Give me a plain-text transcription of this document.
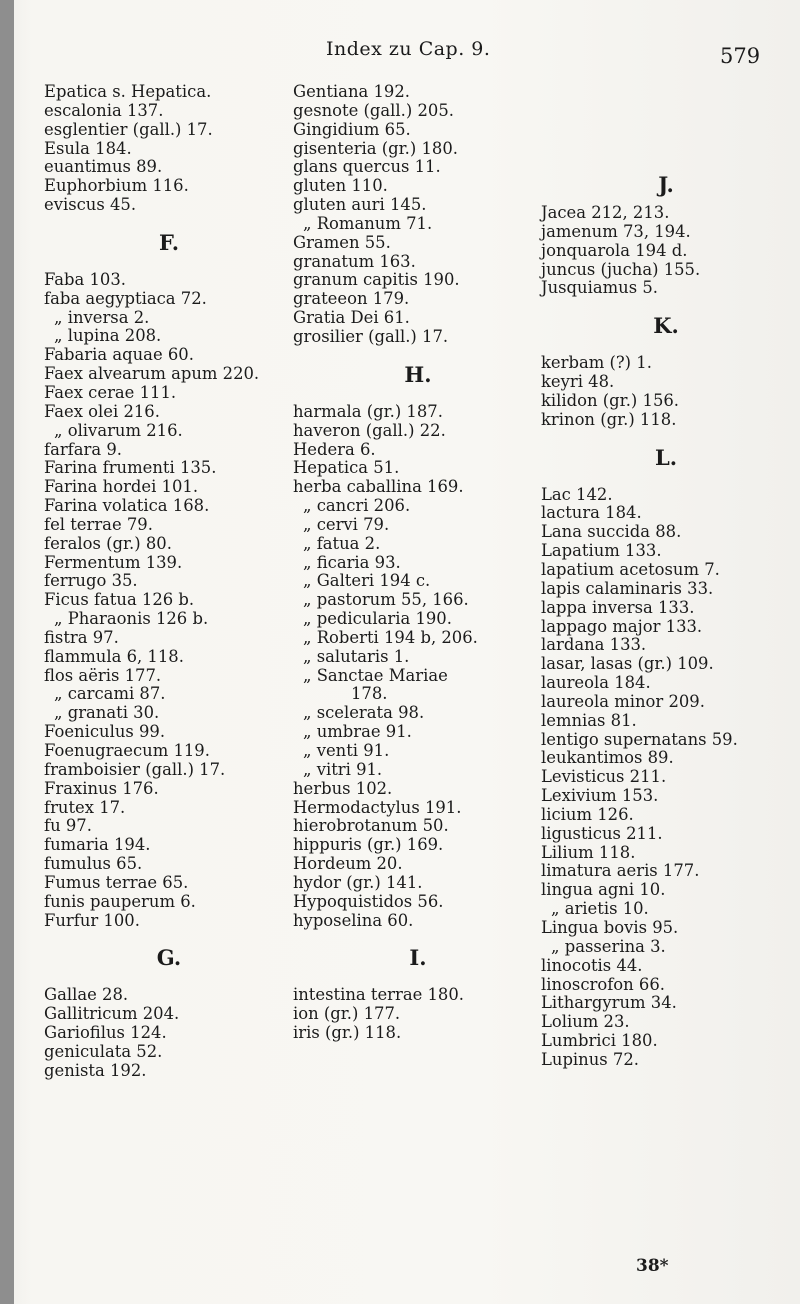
Index zu Cap. 9.	579
Epatica s. Hepatica.
escalonia 137.
esglentier (gall.) 17.
Esula 184.
euantimus 89.
Euphorbium 116.
eviscus 45.
F.
Faba 103.
faba aegyptiaca 72.
„ inversa 2.
„ lupina 208.
Fabaria aquae 60.
Faex alvearum apum 220.
Faex cerae 111.
Faex olei 216.
„ olivarum 216.
farfara 9.
Farina frumenti 135.
Farina hordei 101.
Farina volatica 168.
fel terrae 79.
feralos (gr.) 80.
Fermentum 139.
ferrugo 35.
Ficus fatua 126 b.
„ Pharaonis 126 b.
fistra 97.
flammula 6, 118.
flos aëris 177.
„ carcami 87.
„ granati 30.
Foeniculus 99.
Foenugraecum 119.
framboisier (gall.) 17.
Fraxinus 176.
frutex 17.
fu 97.
fumaria 194.
fumulus 65.
Fumus terrae 65.
funis pauperum 6.
Furfur 100.
G.
Gallae 28.
Gallitricum 204.
Gariofilus 124.
geniculata 52.
genista 192.
Gentiana 192.
gesnote (gall.) 205.
Gingidium 65.
gisenteria (gr.) 180.
glans quercus 11.
gluten 110.
gluten auri 145.
„ Romanum 71.
Gramen 55.
granatum 163.
granum capitis 190.
grateeon 179.
Gratia Dei 61.
grosilier (gall.) 17.
H.
harmala (gr.) 187.
haveron (gall.) 22.
Hedera 6.
Hepatica 51.
herba caballina 169.
„ cancri 206.
„ cervi 79.
„ fatua 2.
„ ficaria 93.
„ Galteri 194 c.
„ pastorum 55, 166.
„ pedicularia 190.
„ Roberti 194 b, 206.
„ salutaris 1.
„ Sanctae Mariae
178.
„ scelerata 98.
„ umbrae 91.
„ venti 91.
„ vitri 91.
herbus 102.
Hermodactylus 191.
hierobrotanum 50.
hippuris (gr.) 169.
Hordeum 20.
hydor (gr.) 141.
Hypoquistidos 56.
hyposelina 60.
I.
intestina terrae 180.
ion (gr.) 177.
iris (gr.) 118.
J.
Jacea 212, 213.
jamenum 73, 194.
jonquarola 194 d.
juncus (jucha) 155.
Jusquiamus 5.
K.
kerbam (?) 1.
keyri 48.
kilidon (gr.) 156.
krinon (gr.) 118.
L.
Lac 142.
lactura 184.
Lana succida 88.
Lapatium 133.
lapatium acetosum 7.
lapis calaminaris 33.
lappa inversa 133.
lappago major 133.
lardana 133.
lasar, lasas (gr.) 109.
laureola 184.
laureola minor 209.
lemnias 81.
lentigo supernatans 59.
leukantimos 89.
Levisticus 211.
Lexivium 153.
licium 126.
ligusticus 211.
Lilium 118.
limatura aeris 177.
lingua agni 10.
„ arietis 10.
Lingua bovis 95.
„ passerina 3.
linocotis 44.
linoscrofon 66.
Lithargyrum 34.
Lolium 23.
Lumbrici 180.
Lupinus 72.
38*
